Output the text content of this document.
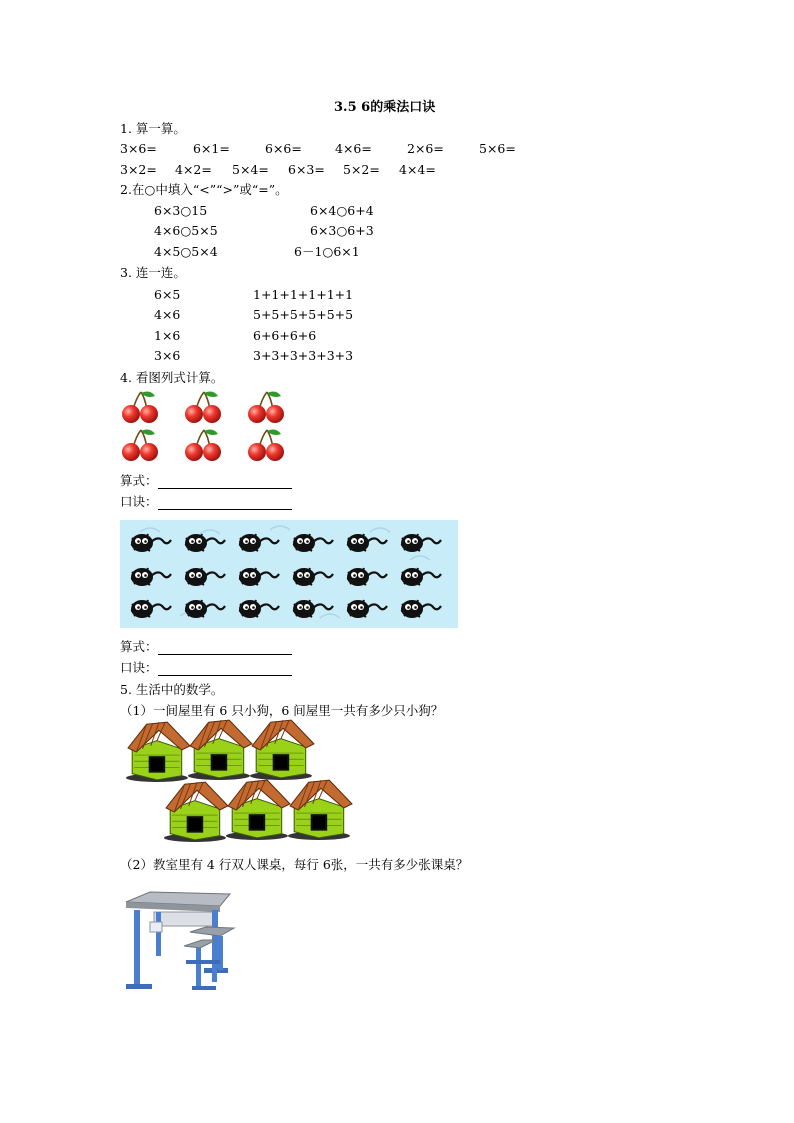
3.5 6的乘法口诀
1. 算一算。
3×6=	6×1=	6×6=	4×6=	2×6=	5×6=
3×2= 4×2= 5×4= 6×3= 5×2= 4×4=
2.在○中填入“<”“>”或“=”。
6×3○15	6×4○6+4
4×6○5×5	6×3○6+3
4×5○5×4	6－1○6×1
3. 连一连。
6×5	1+1+1+1+1+1
4×6	5+5+5+5+5+5
1×6	6+6+6+6
3×6	3+3+3+3+3+3
4. 看图列式计算。
算式：
口诀：
算式：
口诀：
5. 生活中的数学。
（1）一间屋里有 6 只小狗，6 间屋里一共有多少只小狗？
（2）教室里有 4 行双人课桌，每行 6张，一共有多少张课桌？
